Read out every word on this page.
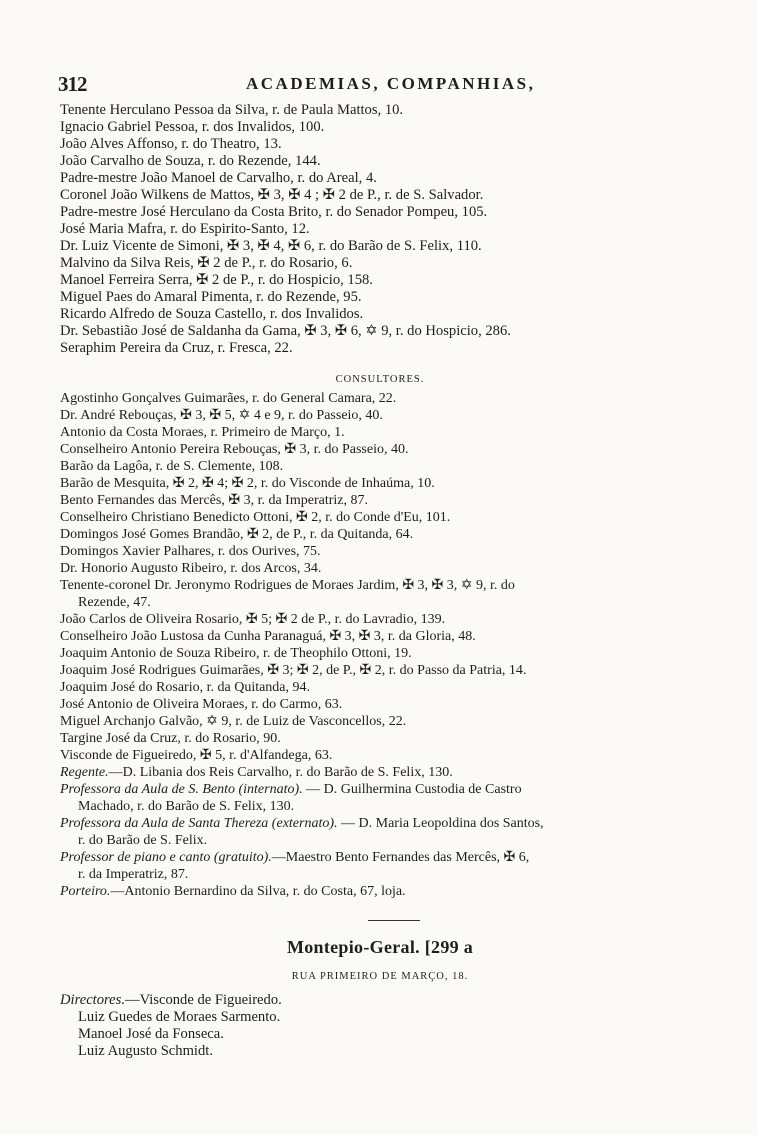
312	ACADEMIAS, COMPANHIAS,
Tenente Herculano Pessoa da Silva, r. de Paula Mattos, 10.
Ignacio Gabriel Pessoa, r. dos Invalidos, 100.
João Alves Affonso, r. do Theatro, 13.
João Carvalho de Souza, r. do Rezende, 144.
Padre-mestre João Manoel de Carvalho, r. do Areal, 4.
Coronel João Wilkens de Mattos, ✠ 3, ✠ 4 ; ✠ 2 de P., r. de S. Salvador.
Padre-mestre José Herculano da Costa Brito, r. do Senador Pompeu, 105.
José Maria Mafra, r. do Espirito-Santo, 12.
Dr. Luiz Vicente de Simoni, ✠ 3, ✠ 4, ✠ 6, r. do Barão de S. Felix, 110.
Malvino da Silva Reis, ✠ 2 de P., r. do Rosario, 6.
Manoel Ferreira Serra, ✠ 2 de P., r. do Hospicio, 158.
Miguel Paes do Amaral Pimenta, r. do Rezende, 95.
Ricardo Alfredo de Souza Castello, r. dos Invalidos.
Dr. Sebastião José de Saldanha da Gama, ✠ 3, ✠ 6, ✡ 9, r. do Hospicio, 286.
Seraphim Pereira da Cruz, r. Fresca, 22.
CONSULTORES.
Agostinho Gonçalves Guimarães, r. do General Camara, 22.
Dr. André Rebouças, ✠ 3, ✠ 5, ✡ 4 e 9, r. do Passeio, 40.
Antonio da Costa Moraes, r. Primeiro de Março, 1.
Conselheiro Antonio Pereira Rebouças, ✠ 3, r. do Passeio, 40.
Barão da Lagôa, r. de S. Clemente, 108.
Barão de Mesquita, ✠ 2, ✠ 4; ✠ 2, r. do Visconde de Inhaúma, 10.
Bento Fernandes das Mercês, ✠ 3, r. da Imperatriz, 87.
Conselheiro Christiano Benedicto Ottoni, ✠ 2, r. do Conde d'Eu, 101.
Domingos José Gomes Brandão, ✠ 2, de P., r. da Quitanda, 64.
Domingos Xavier Palhares, r. dos Ourives, 75.
Dr. Honorio Augusto Ribeiro, r. dos Arcos, 34.
Tenente-coronel Dr. Jeronymo Rodrigues de Moraes Jardim, ✠ 3, ✠ 3, ✡ 9, r. do
Rezende, 47.
João Carlos de Oliveira Rosario, ✠ 5; ✠ 2 de P., r. do Lavradio, 139.
Conselheiro João Lustosa da Cunha Paranaguá, ✠ 3, ✠ 3, r. da Gloria, 48.
Joaquim Antonio de Souza Ribeiro, r. de Theophilo Ottoni, 19.
Joaquim José Rodrigues Guimarães, ✠ 3; ✠ 2, de P., ✠ 2, r. do Passo da Patria, 14.
Joaquim José do Rosario, r. da Quitanda, 94.
José Antonio de Oliveira Moraes, r. do Carmo, 63.
Miguel Archanjo Galvão, ✡ 9, r. de Luiz de Vasconcellos, 22.
Targine José da Cruz, r. do Rosario, 90.
Visconde de Figueiredo, ✠ 5, r. d'Alfandega, 63.
Regente.—D. Libania dos Reis Carvalho, r. do Barão de S. Felix, 130.
Professora da Aula de S. Bento (internato). — D. Guilhermina Custodia de Castro
Machado, r. do Barão de S. Felix, 130.
Professora da Aula de Santa Thereza (externato). — D. Maria Leopoldina dos Santos,
r. do Barão de S. Felix.
Professor de piano e canto (gratuito).—Maestro Bento Fernandes das Mercês, ✠ 6,
r. da Imperatriz, 87.
Porteiro.—Antonio Bernardino da Silva, r. do Costa, 67, loja.
Montepio-Geral. [299 a
RUA PRIMEIRO DE MARÇO, 18.
Directores.—Visconde de Figueiredo.
Luiz Guedes de Moraes Sarmento.
Manoel José da Fonseca.
Luiz Augusto Schmidt.
